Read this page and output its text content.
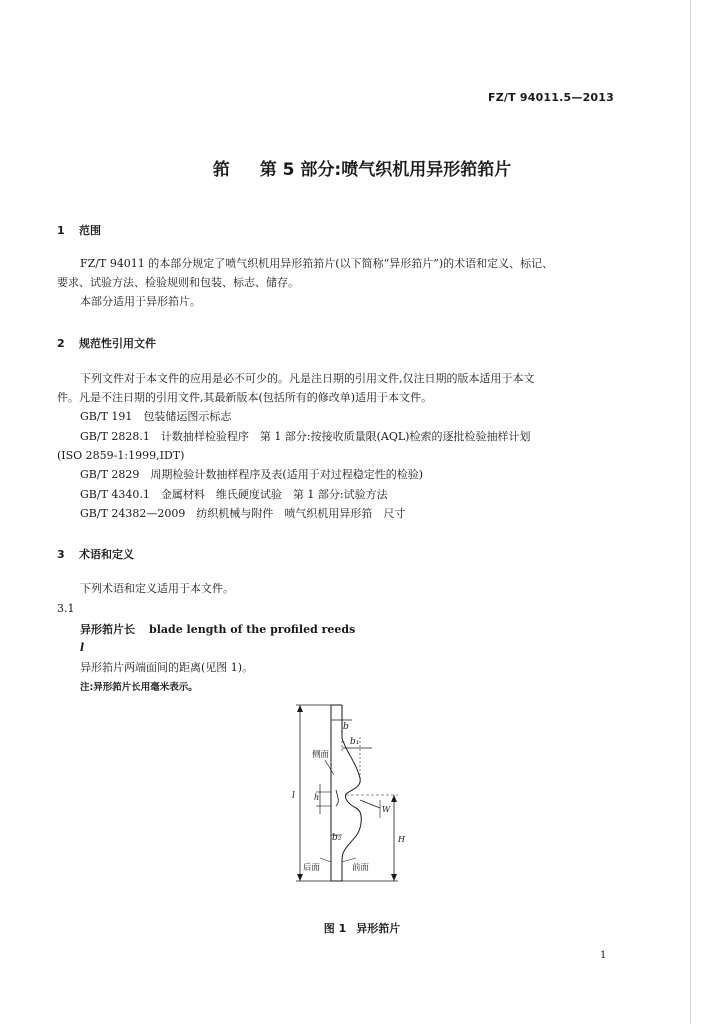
FZ/T 94011.5—2013
筘 第 5 部分:喷气织机用异形筘筘片
1 范围
FZ/T 94011 的本部分规定了喷气织机用异形筘筘片(以下简称“异形筘片”)的术语和定义、标记、
要求、试验方法、检验规则和包装、标志、储存。
本部分适用于异形筘片。
2 规范性引用文件
下列文件对于本文件的应用是必不可少的。凡是注日期的引用文件,仅注日期的版本适用于本文
件。凡是不注日期的引用文件,其最新版本(包括所有的修改单)适用于本文件。
GB/T 191　包装储运图示标志
GB/T 2828.1　计数抽样检验程序　第 1 部分:按接收质量限(AQL)检索的逐批检验抽样计划
(ISO 2859-1:1999,IDT)
GB/T 2829　周期检验计数抽样程序及表(适用于对过程稳定性的检验)
GB/T 4340.1　金属材料　维氏硬度试验　第 1 部分:试验方法
GB/T 24382—2009　纺织机械与附件　喷气织机用异形筘　尺寸
3 术语和定义
下列术语和定义适用于本文件。
3.1
异形筘片长 blade length of the profiled reeds
l
异形筘片两端面间的距离(见图 1)。
注:异形筘片长用毫米表示。
l
b
b₁
侧面
h
W
b₂	H
后面	前面
图 1 异形筘片
1
